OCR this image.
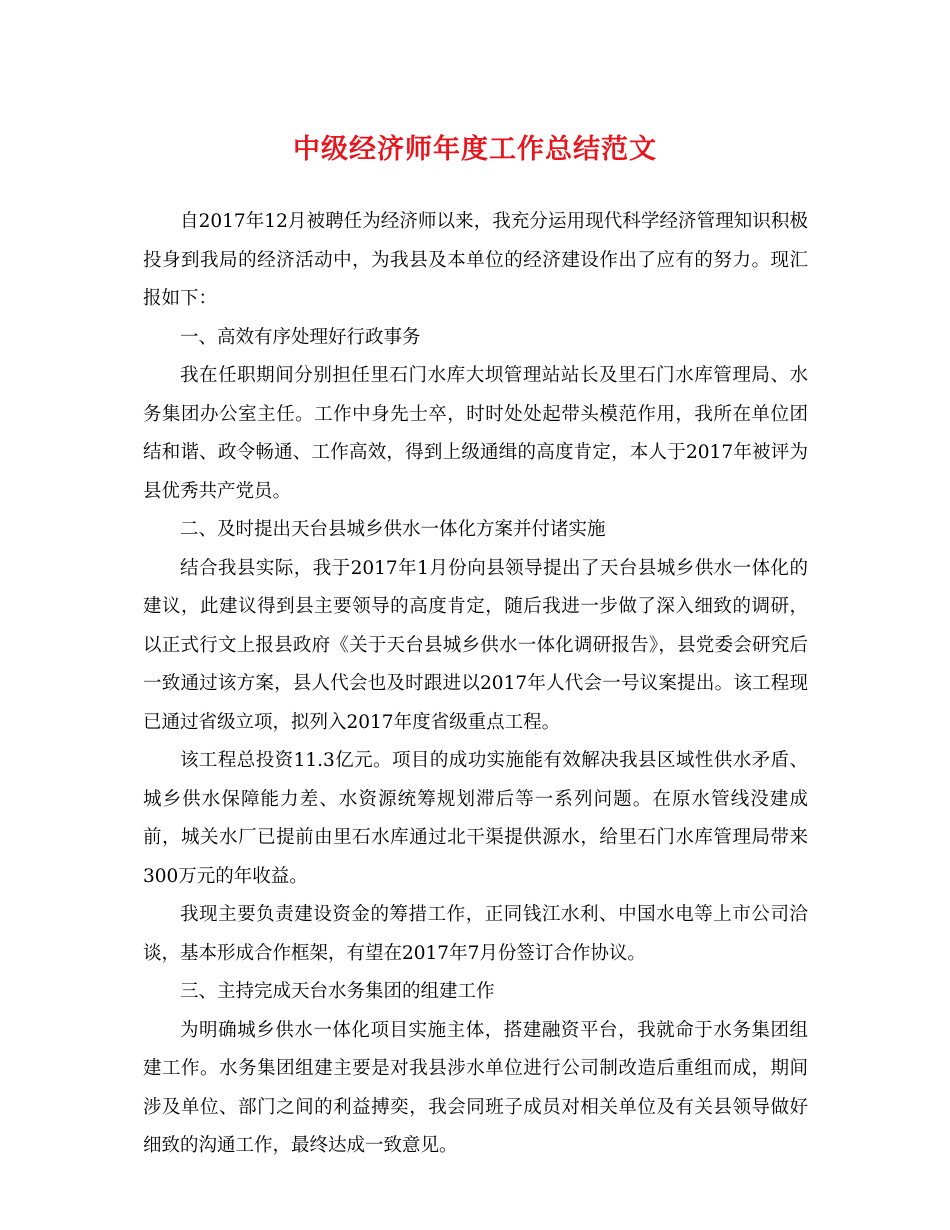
中级经济师年度工作总结范文

自2017年12月被聘任为经济师以来，我充分运用现代科学经济管理知识积极投身到我局的经济活动中，为我县及本单位的经济建设作出了应有的努力。现汇报如下：

一、高效有序处理好行政事务

我在任职期间分别担任里石门水库大坝管理站站长及里石门水库管理局、水务集团办公室主任。工作中身先士卒，时时处处起带头模范作用，我所在单位团结和谐、政令畅通、工作高效，得到上级通缉的高度肯定，本人于2017年被评为县优秀共产党员。

二、及时提出天台县城乡供水一体化方案并付诸实施

结合我县实际，我于2017年1月份向县领导提出了天台县城乡供水一体化的建议，此建议得到县主要领导的高度肯定，随后我进一步做了深入细致的调研，以正式行文上报县政府《关于天台县城乡供水一体化调研报告》，县党委会研究后一致通过该方案，县人代会也及时跟进以2017年人代会一号议案提出。该工程现已通过省级立项，拟列入2017年度省级重点工程。

该工程总投资11.3亿元。项目的成功实施能有效解决我县区域性供水矛盾、城乡供水保障能力差、水资源统筹规划滞后等一系列问题。在原水管线没建成前，城关水厂已提前由里石水库通过北干渠提供源水，给里石门水库管理局带来300万元的年收益。

我现主要负责建设资金的筹措工作，正同钱江水利、中国水电等上市公司洽谈，基本形成合作框架，有望在2017年7月份签订合作协议。

三、主持完成天台水务集团的组建工作

为明确城乡供水一体化项目实施主体，搭建融资平台，我就命于水务集团组建工作。水务集团组建主要是对我县涉水单位进行公司制改造后重组而成，期间涉及单位、部门之间的利益搏奕，我会同班子成员对相关单位及有关县领导做好细致的沟通工作，最终达成一致意见。
